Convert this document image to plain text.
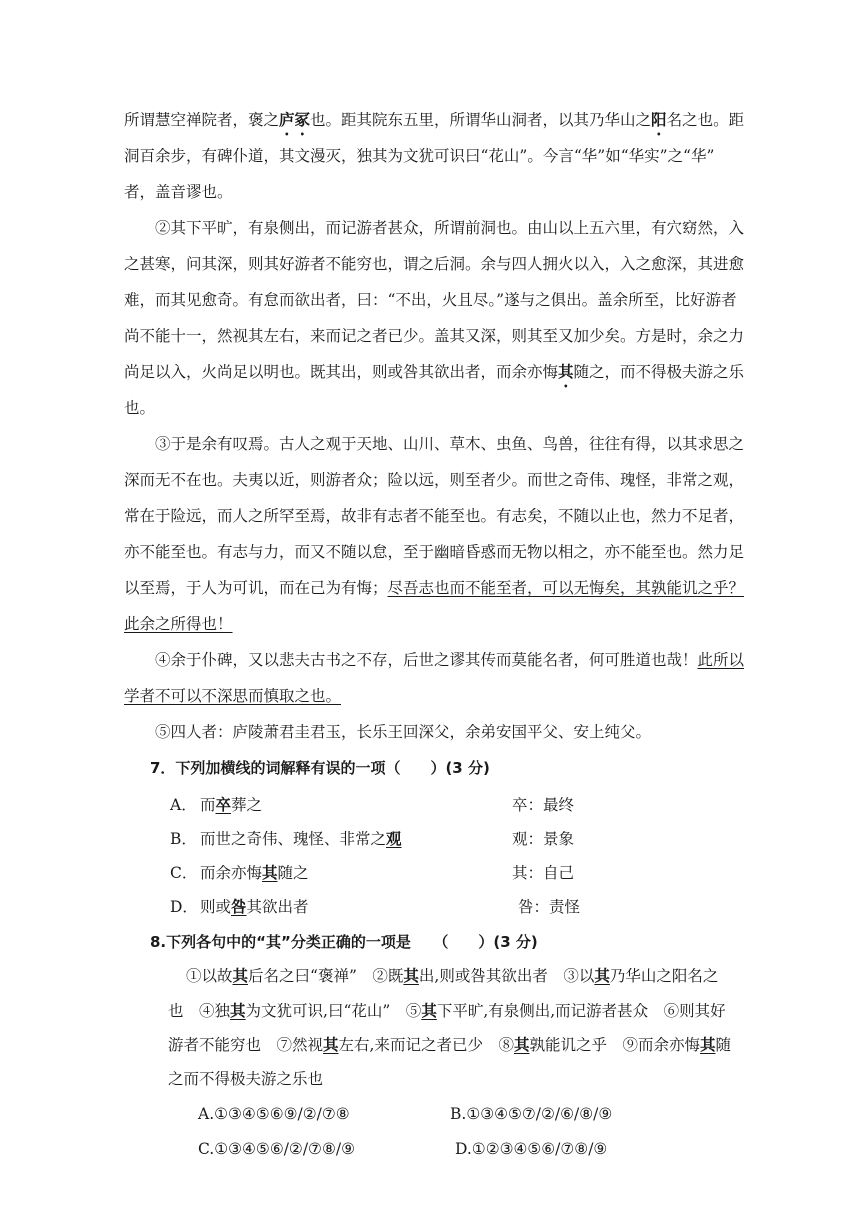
所谓慧空禅院者，褒之庐冢也。距其院东五里，所谓华山洞者，以其乃华山之阳名之也。距
洞百余步，有碑仆道，其文漫灭，独其为文犹可识曰“花山”。今言“华”如“华实”之“华”
者，盖音谬也。
②其下平旷，有泉侧出，而记游者甚众，所谓前洞也。由山以上五六里，有穴窈然，入
之甚寒，问其深，则其好游者不能穷也，谓之后洞。余与四人拥火以入，入之愈深，其进愈
难，而其见愈奇。有怠而欲出者，曰：“不出，火且尽。”遂与之俱出。盖余所至，比好游者
尚不能十一，然视其左右，来而记之者已少。盖其又深，则其至又加少矣。方是时，余之力
尚足以入，火尚足以明也。既其出，则或咎其欲出者，而余亦悔其随之，而不得极夫游之乐
也。
③于是余有叹焉。古人之观于天地、山川、草木、虫鱼、鸟兽，往往有得，以其求思之
深而无不在也。夫夷以近，则游者众；险以远，则至者少。而世之奇伟、瑰怪，非常之观，
常在于险远，而人之所罕至焉，故非有志者不能至也。有志矣，不随以止也，然力不足者，
亦不能至也。有志与力，而又不随以怠，至于幽暗昏惑而无物以相之，亦不能至也。然力足
以至焉，于人为可讥，而在己为有悔；尽吾志也而不能至者，可以无悔矣，其孰能讥之乎？
此余之所得也！
④余于仆碑，又以悲夫古书之不存，后世之谬其传而莫能名者，何可胜道也哉！此所以
学者不可以不深思而慎取之也。
⑤四人者：庐陵萧君圭君玉，长乐王回深父，余弟安国平父、安上纯父。
7．下列加横线的词解释有误的一项（　　）(3 分)
A． 而卒葬之	卒：最终
B． 而世之奇伟、瑰怪、非常之观	观：景象
C． 而余亦悔其随之	其：自己
D． 则或咎其欲出者	咎：责怪
8.下列各句中的“其”分类正确的一项是　　（　　）(3 分)
①以故其后名之曰“褒禅”　②既其出,则或咎其欲出者　③以其乃华山之阳名之
也　④独其为文犹可识,曰“花山”　⑤其下平旷,有泉侧出,而记游者甚众　⑥则其好
游者不能穷也　⑦然视其左右,来而记之者已少　⑧其孰能讥之乎　⑨而余亦悔其随
之而不得极夫游之乐也
A.①③④⑤⑥⑨/②/⑦⑧	B.①③④⑤⑦/②/⑥/⑧/⑨
C.①③④⑤⑥/②/⑦⑧/⑨	D.①②③④⑤⑥/⑦⑧/⑨
